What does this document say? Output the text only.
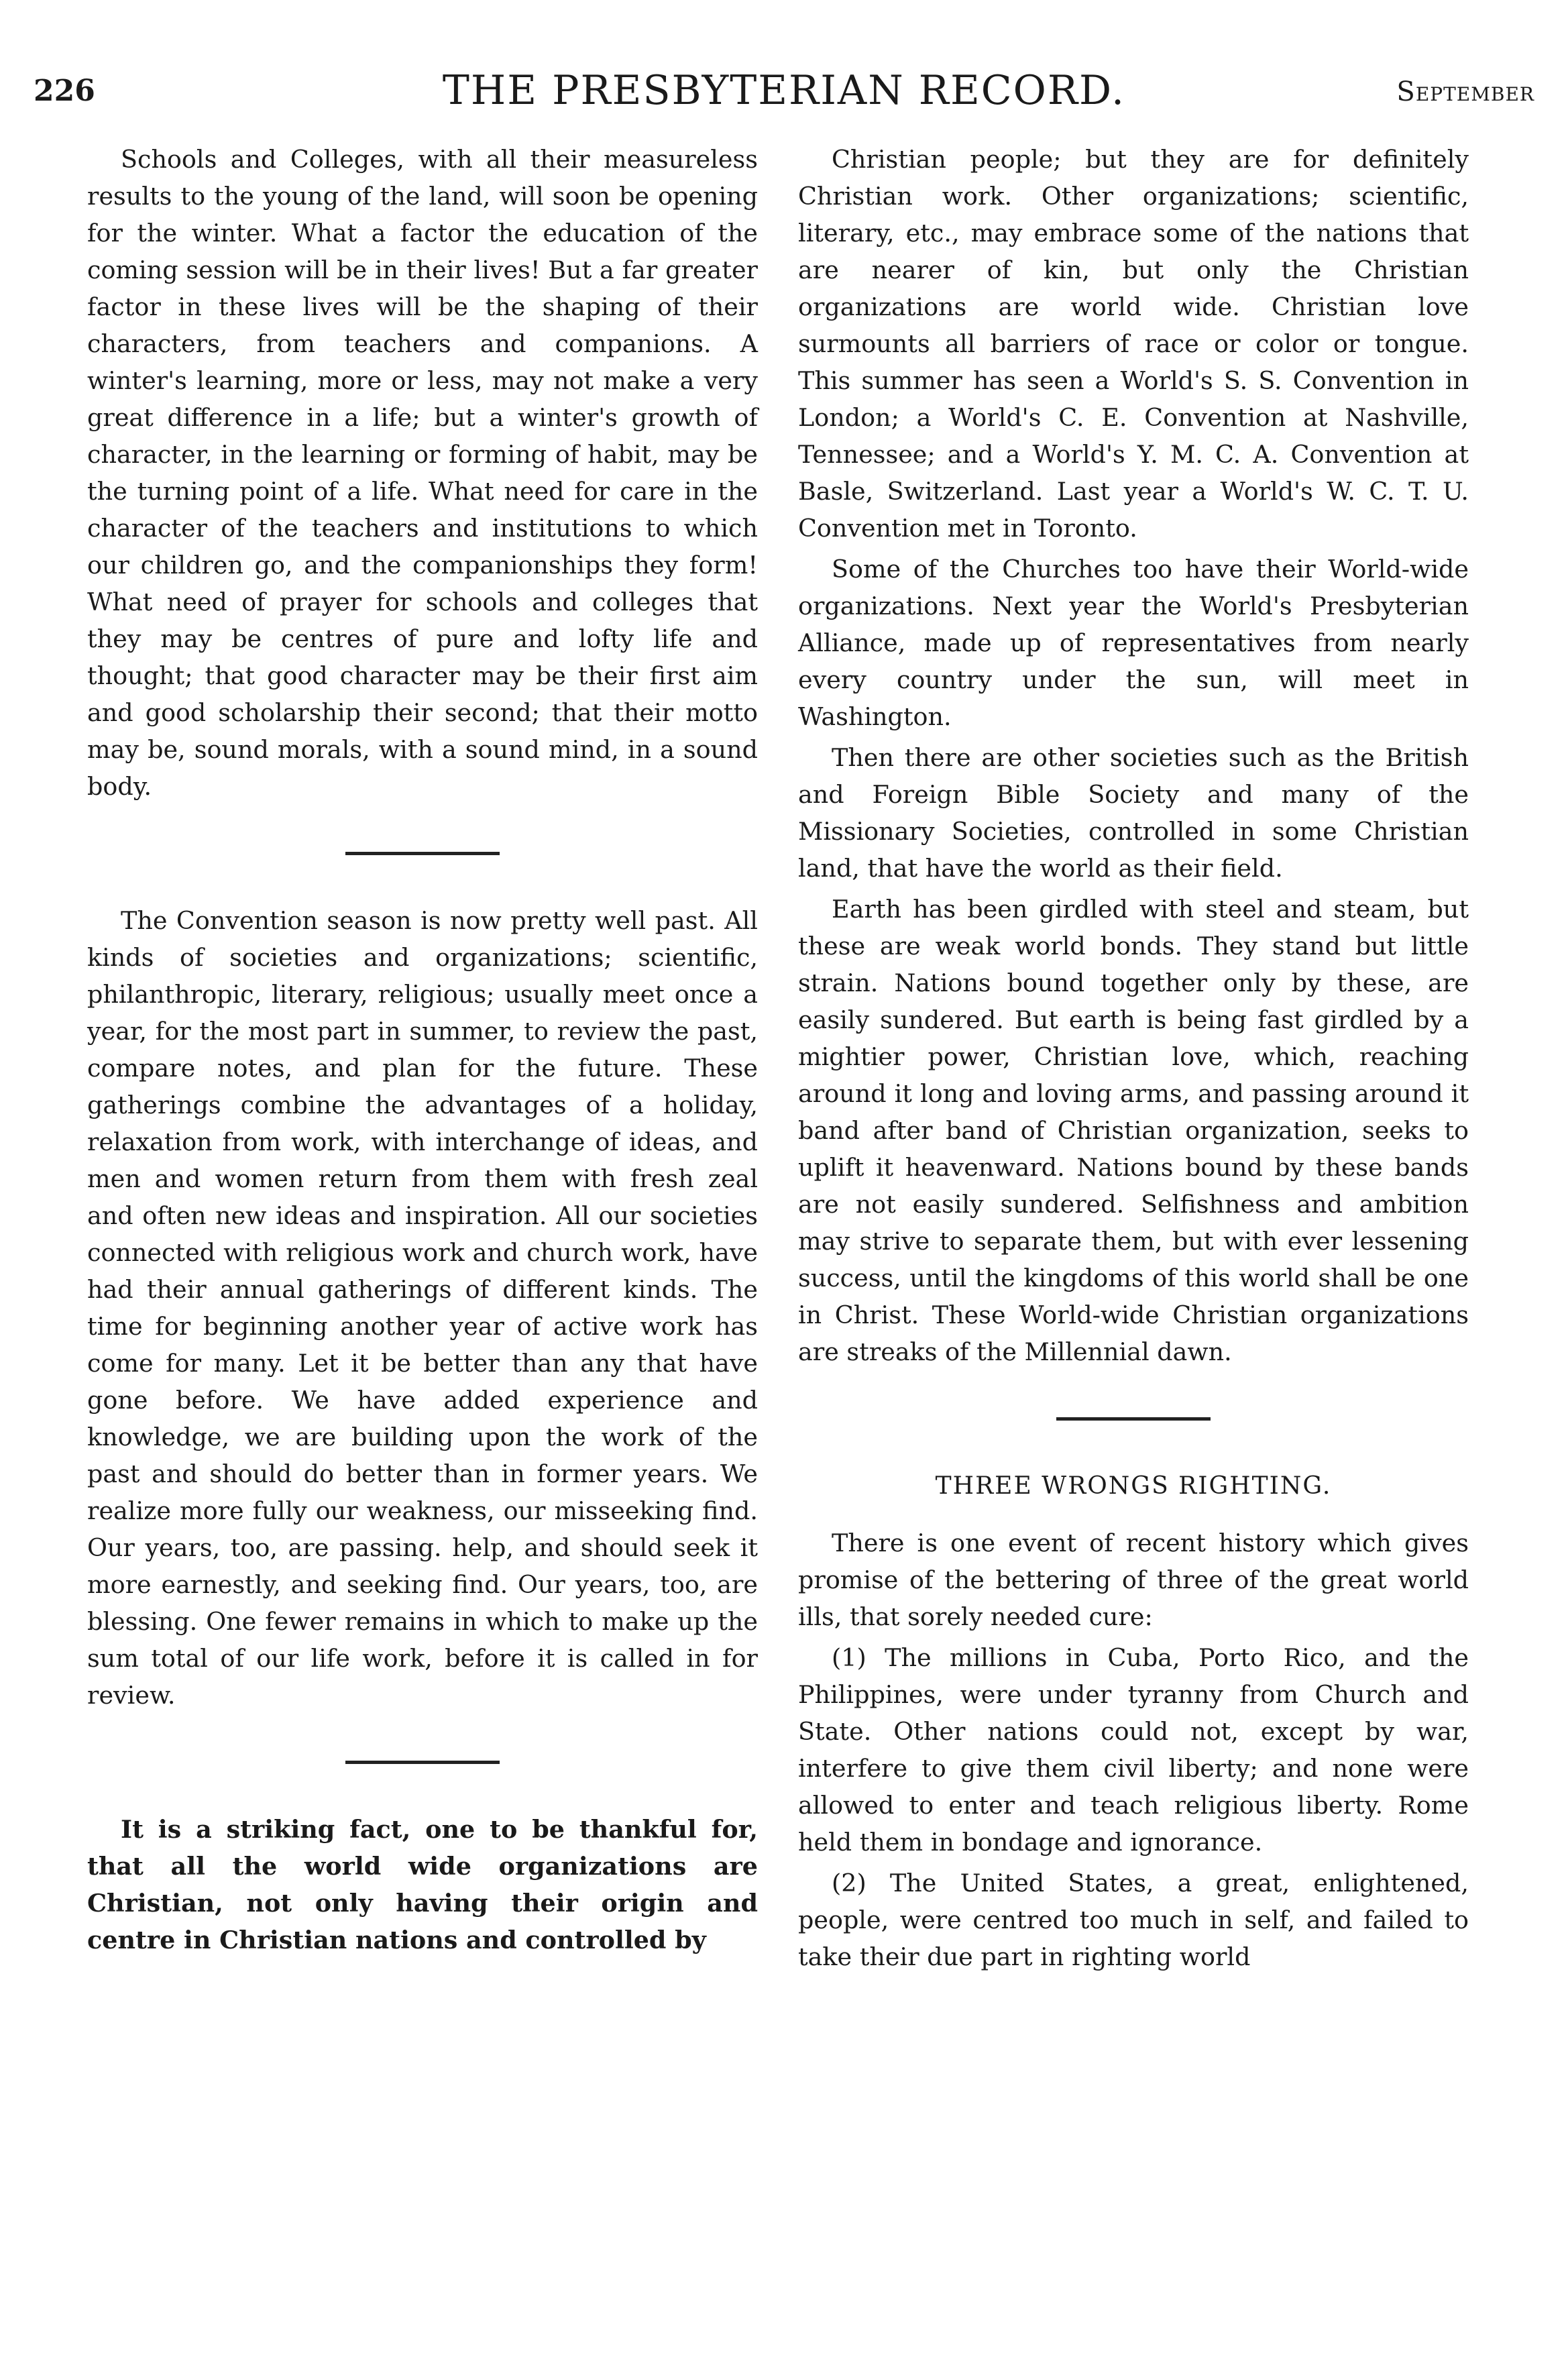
226	THE PRESBYTERIAN RECORD.	September

Schools and Colleges, with all their measureless results to the young of the land, will soon be opening for the winter. What a factor the education of the coming session will be in their lives! But a far greater factor in these lives will be the shaping of their characters, from teachers and companions. A winter's learning, more or less, may not make a very great difference in a life; but a winter's growth of character, in the learning or forming of habit, may be the turning point of a life. What need for care in the character of the teachers and institutions to which our children go, and the companionships they form! What need of prayer for schools and colleges that they may be centres of pure and lofty life and thought; that good character may be their first aim and good scholarship their second; that their motto may be, sound morals, with a sound mind, in a sound body.

The Convention season is now pretty well past. All kinds of societies and organizations; scientific, philanthropic, literary, religious; usually meet once a year, for the most part in summer, to review the past, compare notes, and plan for the future. These gatherings combine the advantages of a holiday, relaxation from work, with interchange of ideas, and men and women return from them with fresh zeal and often new ideas and inspiration. All our societies connected with religious work and church work, have had their annual gatherings of different kinds. The time for beginning another year of active work has come for many. Let it be better than any that have gone before. We have added experience and knowledge, we are building upon the work of the past and should do better than in former years. We realize more fully our weakness, our misseeking find. Our years, too, are passing. help, and should seek it more earnestly, and seeking find. Our years, too, are blessing. One fewer remains in which to make up the sum total of our life work, before it is called in for review.

It is a striking fact, one to be thankful for, that all the world wide organizations are Christian, not only having their origin and centre in Christian nations and controlled by

Christian people; but they are for definitely Christian work. Other organizations; scientific, literary, etc., may embrace some of the nations that are nearer of kin, but only the Christian organizations are world wide. Christian love surmounts all barriers of race or color or tongue. This summer has seen a World's S. S. Convention in London; a World's C. E. Convention at Nashville, Tennessee; and a World's Y. M. C. A. Convention at Basle, Switzerland. Last year a World's W. C. T. U. Convention met in Toronto.

Some of the Churches too have their World-wide organizations. Next year the World's Presbyterian Alliance, made up of representatives from nearly every country under the sun, will meet in Washington.

Then there are other societies such as the British and Foreign Bible Society and many of the Missionary Societies, controlled in some Christian land, that have the world as their field.

Earth has been girdled with steel and steam, but these are weak world bonds. They stand but little strain. Nations bound together only by these, are easily sundered. But earth is being fast girdled by a mightier power, Christian love, which, reaching around it long and loving arms, and passing around it band after band of Christian organization, seeks to uplift it heavenward. Nations bound by these bands are not easily sundered. Selfishness and ambition may strive to separate them, but with ever lessening success, until the kingdoms of this world shall be one in Christ. These World-wide Christian organizations are streaks of the Millennial dawn.

THREE WRONGS RIGHTING.

There is one event of recent history which gives promise of the bettering of three of the great world ills, that sorely needed cure:

(1) The millions in Cuba, Porto Rico, and the Philippines, were under tyranny from Church and State. Other nations could not, except by war, interfere to give them civil liberty; and none were allowed to enter and teach religious liberty. Rome held them in bondage and ignorance.

(2) The United States, a great, enlightened, people, were centred too much in self, and failed to take their due part in righting world
